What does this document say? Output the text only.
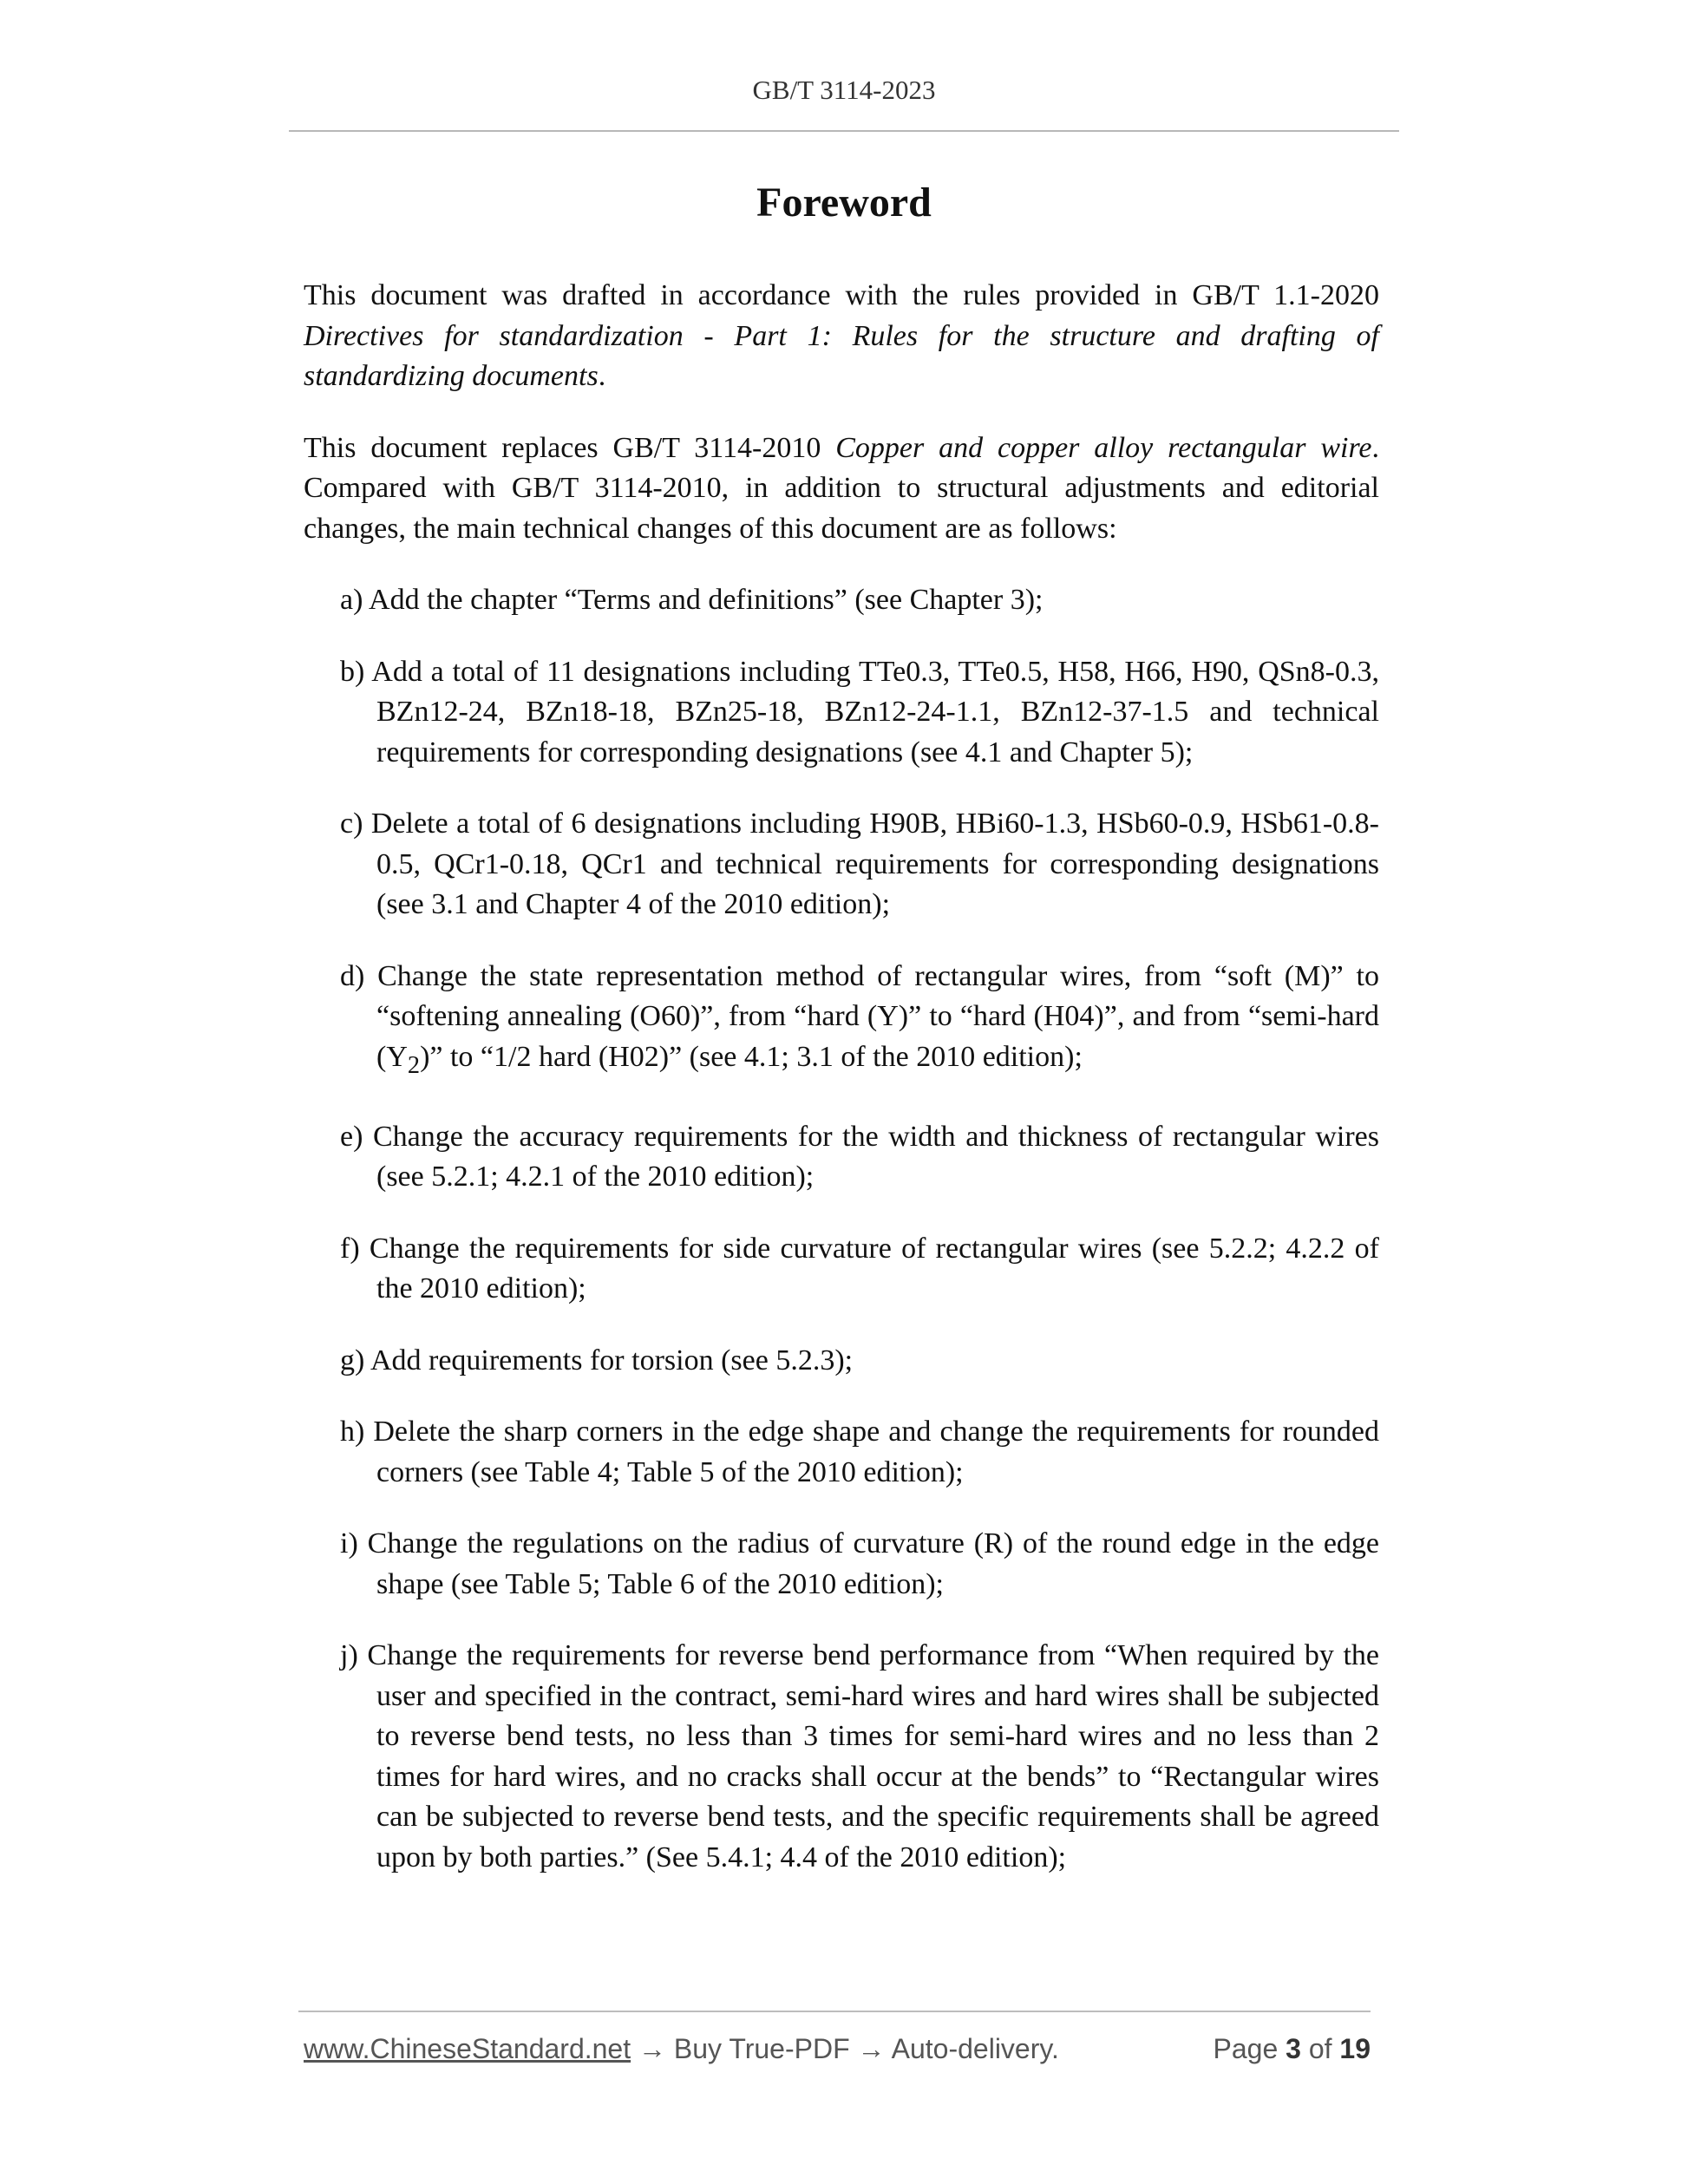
GB/T 3114-2023
Foreword

This document was drafted in accordance with the rules provided in GB/T 1.1-2020 Directives for standardization - Part 1: Rules for the structure and drafting of standardizing documents.

This document replaces GB/T 3114-2010 Copper and copper alloy rectangular wire. Compared with GB/T 3114-2010, in addition to structural adjustments and editorial changes, the main technical changes of this document are as follows:

a) Add the chapter “Terms and definitions” (see Chapter 3);
b) Add a total of 11 designations including TTe0.3, TTe0.5, H58, H66, H90, QSn8-0.3, BZn12-24, BZn18-18, BZn25-18, BZn12-24-1.1, BZn12-37-1.5 and technical requirements for corresponding designations (see 4.1 and Chapter 5);
c) Delete a total of 6 designations including H90B, HBi60-1.3, HSb60-0.9, HSb61-0.8-0.5, QCr1-0.18, QCr1 and technical requirements for corresponding designations (see 3.1 and Chapter 4 of the 2010 edition);
d) Change the state representation method of rectangular wires, from “soft (M)” to “softening annealing (O60)”, from “hard (Y)” to “hard (H04)”, and from “semi-hard $(Y_2)$” to “1/2 hard (H02)” (see 4.1; 3.1 of the 2010 edition);
e) Change the accuracy requirements for the width and thickness of rectangular wires (see 5.2.1; 4.2.1 of the 2010 edition);
f) Change the requirements for side curvature of rectangular wires (see 5.2.2; 4.2.2 of the 2010 edition);
g) Add requirements for torsion (see 5.2.3);
h) Delete the sharp corners in the edge shape and change the requirements for rounded corners (see Table 4; Table 5 of the 2010 edition);
i) Change the regulations on the radius of curvature (R) of the round edge in the edge shape (see Table 5; Table 6 of the 2010 edition);
j) Change the requirements for reverse bend performance from “When required by the user and specified in the contract, semi-hard wires and hard wires shall be subjected to reverse bend tests, no less than 3 times for semi-hard wires and no less than 2 times for hard wires, and no cracks shall occur at the bends” to “Rectangular wires can be subjected to reverse bend tests, and the specific requirements shall be agreed upon by both parties.” (See 5.4.1; 4.4 of the 2010 edition);
www.ChineseStandard.net → Buy True-PDF → Auto-delivery.	Page 3 of 19
